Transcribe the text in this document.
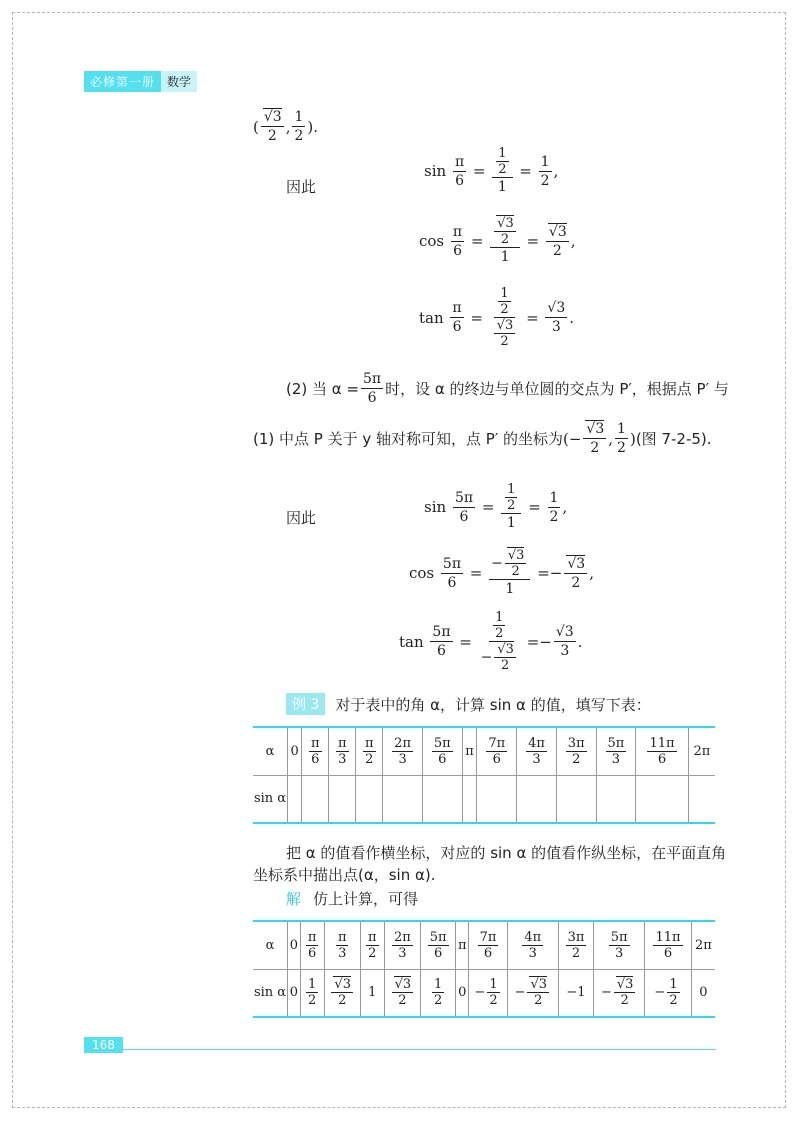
必修第一册	数学
( √ $\frac{3}{2}$ , $\frac{1}{2}$ ).
因此
sin
$\frac{\pi}{6} = \frac{\frac{1}{2}}{1} = \frac{1}{2}$ ,
cos
$\frac{\pi}{6}$ = √ $\frac{\frac{3}{2}}{1}$ = √ $\frac{3}{2}$ ,
tan
$\frac{\pi}{6} = \frac{1}{2}$
√ $\frac{3}{2} = \frac{√3}{3}$ .
(2) 当 $\alpha = \frac{5\pi}{6}$ 时，设 α 的终边与单位圆的交点为 P′，根据点 P′ 与
(1) 中点 P 关于 y 轴对称可知，点 P′ 的坐标为 (− √ $\frac{3}{2}$ , $\frac{1}{2}$ ) (图 7-2-5).
因此
sin
$\frac{5\pi}{6} = \frac{\frac{1}{2}}{1} = \frac{1}{2}$ ,
cos
$\frac{5\pi}{6} = \frac{- √ \frac{3}{2}}{1}$ =− √ $\frac{3}{2}$ ,
tan
$\frac{5\pi}{6} = \frac{\frac{1}{2}}{- √ \frac{3}{2}} =- \frac{√3}{3}$ .
例 3	对于表中的角 α，计算 sin α 的值，填写下表：
α	0	$\frac{\pi}{6}$	$\frac{\pi}{3}$	$\frac{\pi}{2}$	$\frac{2\pi}{3}$	$\frac{5\pi}{6}$	π	$\frac{7\pi}{6}$	$\frac{4\pi}{3}$	$\frac{3\pi}{2}$	$\frac{5\pi}{3}$	$\frac{11\pi}{6}$	2π
sin α													
把 α 的值看作横坐标，对应的 sin α 的值看作纵坐标，在平面直角
坐标系中描出点(α，sin α).
解 仿上计算，可得
α	0	$\frac{\pi}{6}$	$\frac{\pi}{3}$	$\frac{\pi}{2}$	$\frac{2\pi}{3}$	$\frac{5\pi}{6}$	π	$\frac{7\pi}{6}$	$\frac{4\pi}{3}$	$\frac{3\pi}{2}$	$\frac{5\pi}{3}$	$\frac{11\pi}{6}$	2π
sin α	0	$\frac{1}{2}$	√ $\frac{3}{2}$	1	√ $\frac{3}{2}$	$\frac{1}{2}$	0	− $\frac{1}{2}$	− √ $\frac{3}{2}$	−1	− √ $\frac{3}{2}$	− $\frac{1}{2}$	0
168
